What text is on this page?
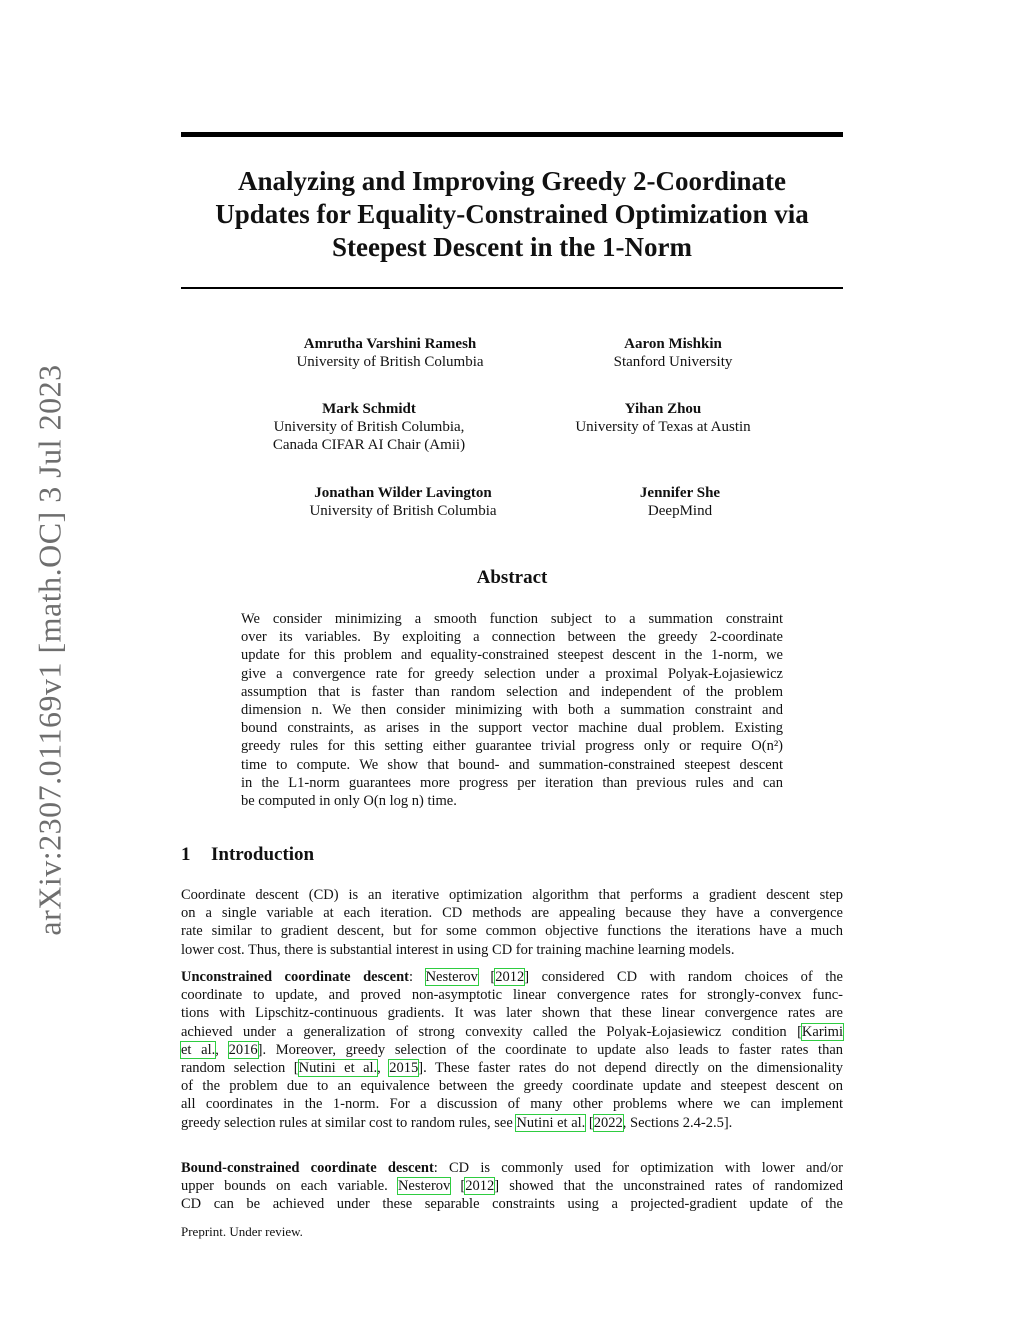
arXiv:2307.01169v1 [math.OC] 3 Jul 2023
Analyzing and Improving Greedy 2-Coordinate
Updates for Equality-Constrained Optimization via
Steepest Descent in the 1-Norm
Amrutha Varshini Ramesh
University of British Columbia
Aaron Mishkin
Stanford University
Mark Schmidt
University of British Columbia,
Canada CIFAR AI Chair (Amii)
Yihan Zhou
University of Texas at Austin
Jonathan Wilder Lavington
University of British Columbia
Jennifer She
DeepMind
Abstract
We consider minimizing a smooth function subject to a summation constraint
over its variables. By exploiting a connection between the greedy 2-coordinate
update for this problem and equality-constrained steepest descent in the 1-norm, we
give a convergence rate for greedy selection under a proximal Polyak-Łojasiewicz
assumption that is faster than random selection and independent of the problem
dimension n. We then consider minimizing with both a summation constraint and
bound constraints, as arises in the support vector machine dual problem. Existing
greedy rules for this setting either guarantee trivial progress only or require O(n²)
time to compute. We show that bound- and summation-constrained steepest descent
in the L1-norm guarantees more progress per iteration than previous rules and can
be computed in only O(n log n) time.
1 Introduction
Coordinate descent (CD) is an iterative optimization algorithm that performs a gradient descent step
on a single variable at each iteration. CD methods are appealing because they have a convergence
rate similar to gradient descent, but for some common objective functions the iterations have a much
lower cost. Thus, there is substantial interest in using CD for training machine learning models.
Unconstrained coordinate descent: Nesterov [2012] considered CD with random choices of the
coordinate to update, and proved non-asymptotic linear convergence rates for strongly-convex func-
tions with Lipschitz-continuous gradients. It was later shown that these linear convergence rates are
achieved under a generalization of strong convexity called the Polyak-Łojasiewicz condition [Karimi
et al., 2016]. Moreover, greedy selection of the coordinate to update also leads to faster rates than
random selection [Nutini et al., 2015]. These faster rates do not depend directly on the dimensionality
of the problem due to an equivalence between the greedy coordinate update and steepest descent on
all coordinates in the 1-norm. For a discussion of many other problems where we can implement
greedy selection rules at similar cost to random rules, see Nutini et al. [2022, Sections 2.4-2.5].
Bound-constrained coordinate descent: CD is commonly used for optimization with lower and/or
upper bounds on each variable. Nesterov [2012] showed that the unconstrained rates of randomized
CD can be achieved under these separable constraints using a projected-gradient update of the
Preprint. Under review.
